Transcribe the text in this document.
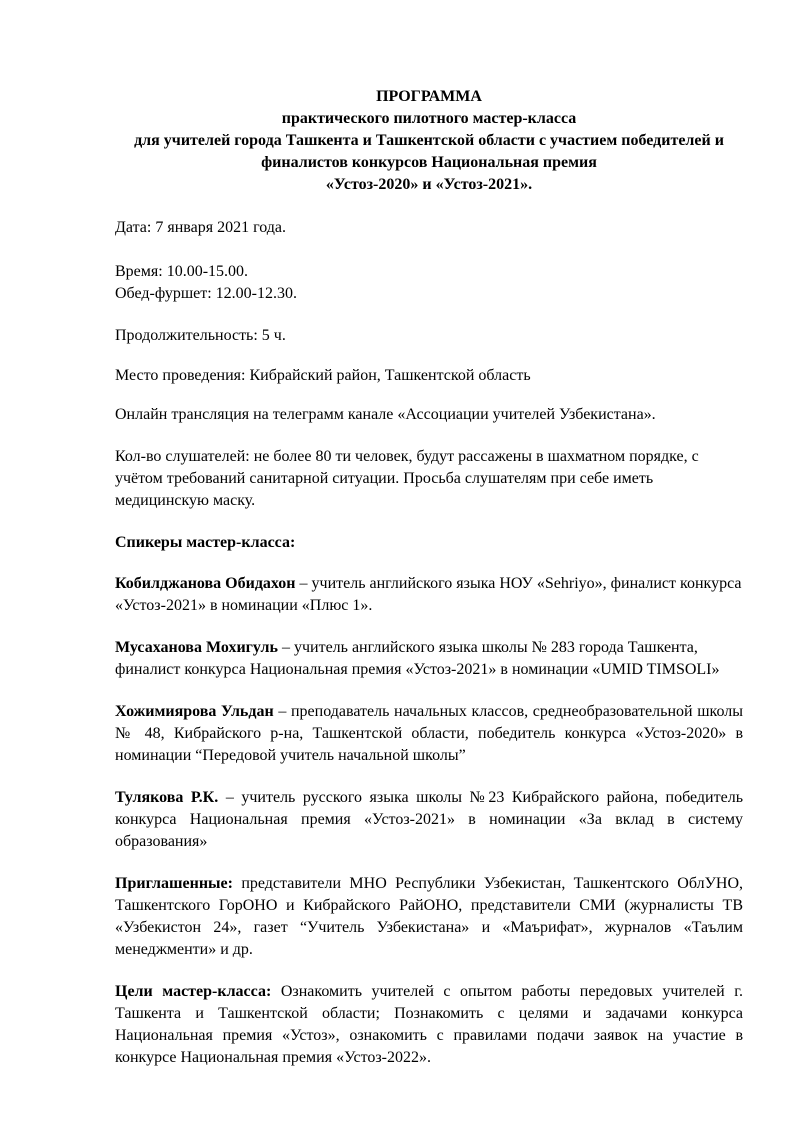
ПРОГРАММА
практического пилотного мастер-класса
для учителей города Ташкента и Ташкентской области с участием победителей и
финалистов конкурсов Национальная премия
«Устоз-2020» и «Устоз-2021».

Дата: 7 января 2021 года.

Время: 10.00-15.00.

Обед-фуршет: 12.00-12.30.

Продолжительность: 5 ч.

Место проведения: Кибрайский район, Ташкентской область

Онлайн трансляция на телеграмм канале «Ассоциации учителей Узбекистана».

Кол-во слушателей: не более 80 ти человек, будут рассажены в шахматном порядке, с учётом требований санитарной ситуации. Просьба слушателям при себе иметь медицинскую маску.

Спикеры мастер-класса:

Кобилджанова Обидахон – учитель английского языка НОУ «Sehriyo», финалист конкурса «Устоз-2021» в номинации «Плюс 1».

Мусаханова Мохигуль – учитель английского языка школы № 283 города Ташкента, финалист конкурса Национальная премия «Устоз-2021» в номинации «UMID TIMSOLI»

Хожимиярова Ульдан – преподаватель начальных классов, среднеобразовательной школы № 48, Кибрайского р-на, Ташкентской области, победитель конкурса «Устоз-2020» в номинации “Передовой учитель начальной школы”

Тулякова Р.К. – учитель русского языка школы №23 Кибрайского района, победитель конкурса Национальная премия «Устоз-2021» в номинации «За вклад в систему образования»

Приглашенные: представители МНО Республики Узбекистан, Ташкентского ОблУНО, Ташкентского ГорОНО и Кибрайского РайОНО, представители СМИ (журналисты ТВ «Узбекистон 24», газет “Учитель Узбекистана» и «Маърифат», журналов «Таълим менеджменти» и др.

Цели мастер-класса: Ознакомить учителей с опытом работы передовых учителей г. Ташкента и Ташкентской области; Познакомить с целями и задачами конкурса Национальная премия «Устоз», ознакомить с правилами подачи заявок на участие в конкурсе Национальная премия «Устоз-2022».
